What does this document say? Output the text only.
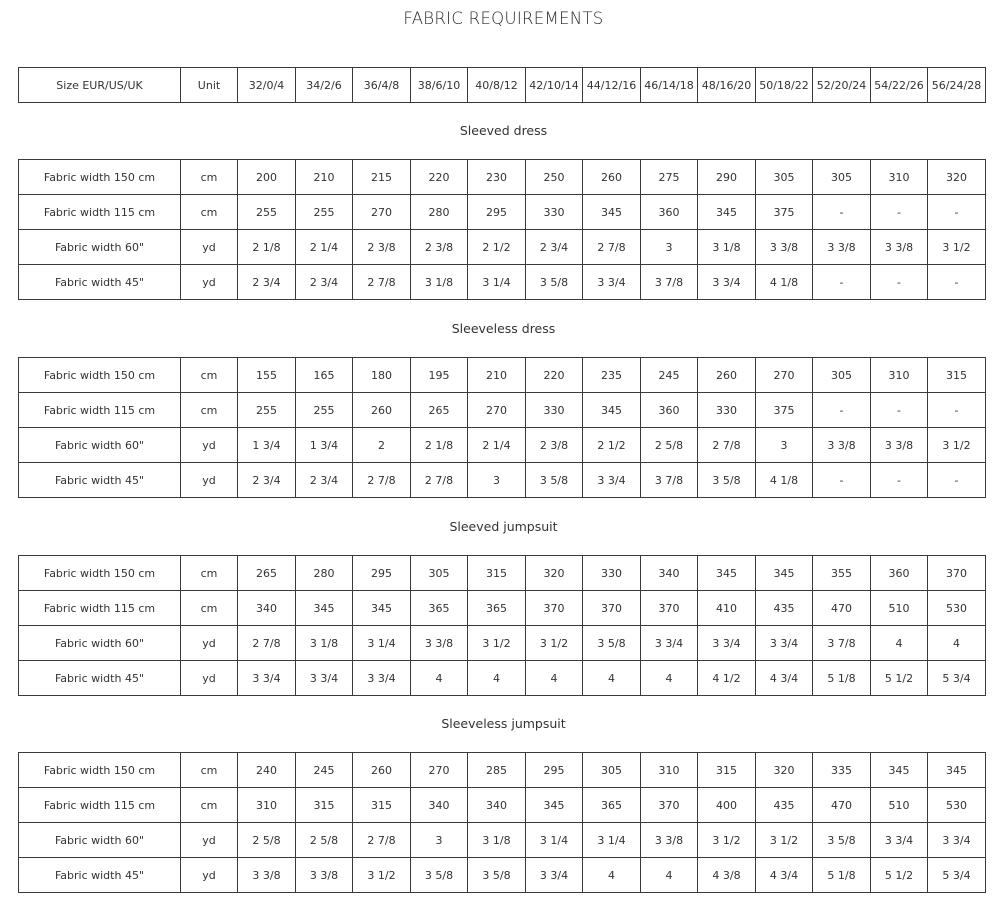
FABRIC REQUIREMENTS
Size EUR/US/UK	Unit	32/0/4	34/2/6	36/4/8	38/6/10	40/8/12	42/10/14	44/12/16	46/14/18	48/16/20	50/18/22	52/20/24	54/22/26	56/24/28
Sleeved dress
Fabric width 150 cm	cm	200	210	215	220	230	250	260	275	290	305	305	310	320
Fabric width 115 cm	cm	255	255	270	280	295	330	345	360	345	375	-	-	-
Fabric width 60"	yd	2 1/8	2 1/4	2 3/8	2 3/8	2 1/2	2 3/4	2 7/8	3	3 1/8	3 3/8	3 3/8	3 3/8	3 1/2
Fabric width 45"	yd	2 3/4	2 3/4	2 7/8	3 1/8	3 1/4	3 5/8	3 3/4	3 7/8	3 3/4	4 1/8	-	-	-
Sleeveless dress
Fabric width 150 cm	cm	155	165	180	195	210	220	235	245	260	270	305	310	315
Fabric width 115 cm	cm	255	255	260	265	270	330	345	360	330	375	-	-	-
Fabric width 60"	yd	1 3/4	1 3/4	2	2 1/8	2 1/4	2 3/8	2 1/2	2 5/8	2 7/8	3	3 3/8	3 3/8	3 1/2
Fabric width 45"	yd	2 3/4	2 3/4	2 7/8	2 7/8	3	3 5/8	3 3/4	3 7/8	3 5/8	4 1/8	-	-	-
Sleeved jumpsuit
Fabric width 150 cm	cm	265	280	295	305	315	320	330	340	345	345	355	360	370
Fabric width 115 cm	cm	340	345	345	365	365	370	370	370	410	435	470	510	530
Fabric width 60"	yd	2 7/8	3 1/8	3 1/4	3 3/8	3 1/2	3 1/2	3 5/8	3 3/4	3 3/4	3 3/4	3 7/8	4	4
Fabric width 45"	yd	3 3/4	3 3/4	3 3/4	4	4	4	4	4	4 1/2	4 3/4	5 1/8	5 1/2	5 3/4
Sleeveless jumpsuit
Fabric width 150 cm	cm	240	245	260	270	285	295	305	310	315	320	335	345	345
Fabric width 115 cm	cm	310	315	315	340	340	345	365	370	400	435	470	510	530
Fabric width 60"	yd	2 5/8	2 5/8	2 7/8	3	3 1/8	3 1/4	3 1/4	3 3/8	3 1/2	3 1/2	3 5/8	3 3/4	3 3/4
Fabric width 45"	yd	3 3/8	3 3/8	3 1/2	3 5/8	3 5/8	3 3/4	4	4	4 3/8	4 3/4	5 1/8	5 1/2	5 3/4
